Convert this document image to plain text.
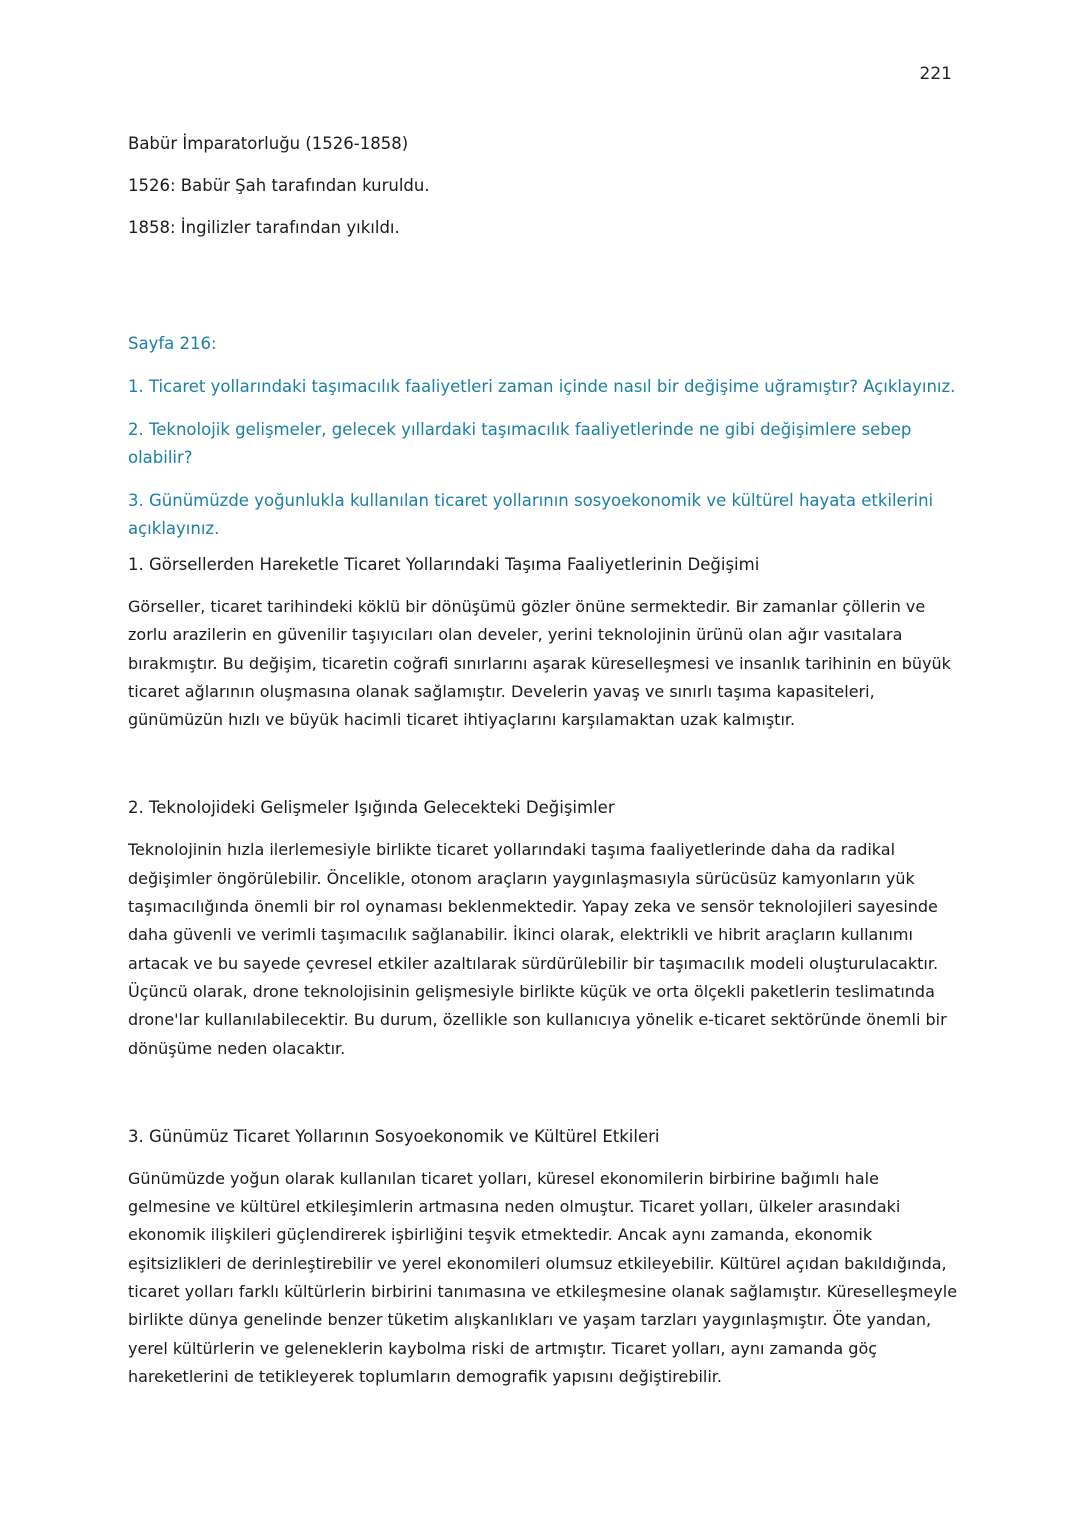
221

Babür İmparatorluğu (1526-1858)

1526: Babür Şah tarafından kuruldu.

1858: İngilizler tarafından yıkıldı.

Sayfa 216:

1. Ticaret yollarındaki taşımacılık faaliyetleri zaman içinde nasıl bir değişime uğramıştır? Açıklayınız.

2. Teknolojik gelişmeler, gelecek yıllardaki taşımacılık faaliyetlerinde ne gibi değişimlere sebep olabilir?

3. Günümüzde yoğunlukla kullanılan ticaret yollarının sosyoekonomik ve kültürel hayata etkilerini açıklayınız.

1. Görsellerden Hareketle Ticaret Yollarındaki Taşıma Faaliyetlerinin Değişimi

Görseller, ticaret tarihindeki köklü bir dönüşümü gözler önüne sermektedir. Bir zamanlar çöllerin ve zorlu arazilerin en güvenilir taşıyıcıları olan develer, yerini teknolojinin ürünü olan ağır vasıtalara bırakmıştır. Bu değişim, ticaretin coğrafi sınırlarını aşarak küreselleşmesi ve insanlık tarihinin en büyük ticaret ağlarının oluşmasına olanak sağlamıştır. Develerin yavaş ve sınırlı taşıma kapasiteleri, günümüzün hızlı ve büyük hacimli ticaret ihtiyaçlarını karşılamaktan uzak kalmıştır.

2. Teknolojideki Gelişmeler Işığında Gelecekteki Değişimler

Teknolojinin hızla ilerlemesiyle birlikte ticaret yollarındaki taşıma faaliyetlerinde daha da radikal değişimler öngörülebilir. Öncelikle, otonom araçların yaygınlaşmasıyla sürücüsüz kamyonların yük taşımacılığında önemli bir rol oynaması beklenmektedir. Yapay zeka ve sensör teknolojileri sayesinde daha güvenli ve verimli taşımacılık sağlanabilir. İkinci olarak, elektrikli ve hibrit araçların kullanımı artacak ve bu sayede çevresel etkiler azaltılarak sürdürülebilir bir taşımacılık modeli oluşturulacaktır. Üçüncü olarak, drone teknolojisinin gelişmesiyle birlikte küçük ve orta ölçekli paketlerin teslimatında drone'lar kullanılabilecektir. Bu durum, özellikle son kullanıcıya yönelik e-ticaret sektöründe önemli bir dönüşüme neden olacaktır.

3. Günümüz Ticaret Yollarının Sosyoekonomik ve Kültürel Etkileri

Günümüzde yoğun olarak kullanılan ticaret yolları, küresel ekonomilerin birbirine bağımlı hale gelmesine ve kültürel etkileşimlerin artmasına neden olmuştur. Ticaret yolları, ülkeler arasındaki ekonomik ilişkileri güçlendirerek işbirliğini teşvik etmektedir. Ancak aynı zamanda, ekonomik eşitsizlikleri de derinleştirebilir ve yerel ekonomileri olumsuz etkileyebilir. Kültürel açıdan bakıldığında, ticaret yolları farklı kültürlerin birbirini tanımasına ve etkileşmesine olanak sağlamıştır. Küreselleşmeyle birlikte dünya genelinde benzer tüketim alışkanlıkları ve yaşam tarzları yaygınlaşmıştır. Öte yandan, yerel kültürlerin ve geleneklerin kaybolma riski de artmıştır. Ticaret yolları, aynı zamanda göç hareketlerini de tetikleyerek toplumların demografik yapısını değiştirebilir.
